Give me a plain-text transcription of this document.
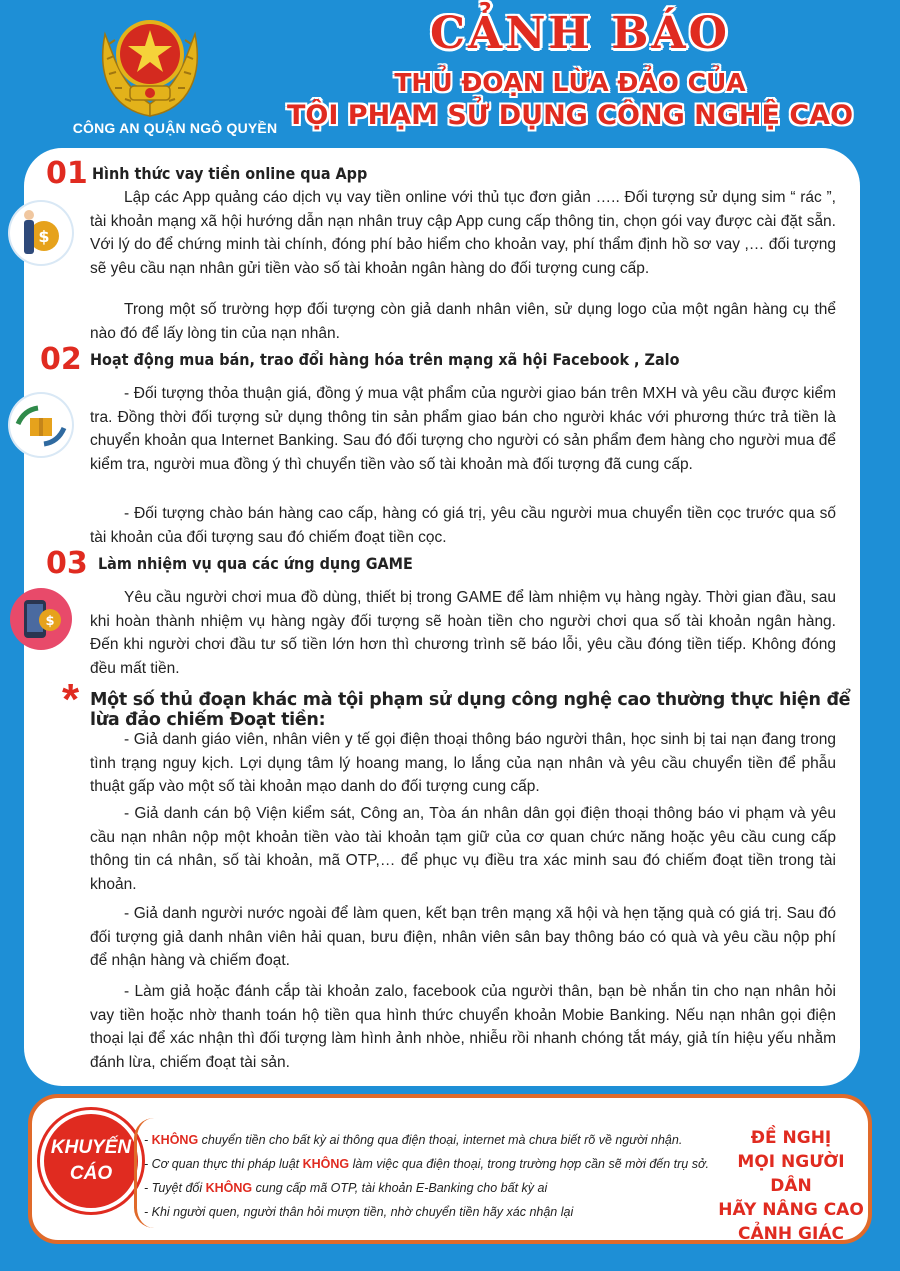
CÔNG AN QUẬN NGÔ QUYỀN
CẢNH BÁO
THỦ ĐOẠN LỪA ĐẢO CỦA
TỘI PHẠM SỬ DỤNG CÔNG NGHỆ CAO
01 Hình thức vay tiền online qua App
$

Lập các App quảng cáo dịch vụ vay tiền online với thủ tục đơn giản ….. Đối tượng sử dụng sim “ rác ”, tài khoản mạng xã hội hướng dẫn nạn nhân truy cập App cung cấp thông tin, chọn gói vay được cài đặt sẵn. Với lý do để chứng minh tài chính, đóng phí bảo hiểm cho khoản vay, phí thẩm định hồ sơ vay ,… đối tượng sẽ yêu cầu nạn nhân gửi tiền vào số tài khoản ngân hàng do đối tượng cung cấp.

Trong một số trường hợp đối tượng còn giả danh nhân viên, sử dụng logo của một ngân hàng cụ thể nào đó để lấy lòng tin của nạn nhân.

02 Hoạt động mua bán, trao đổi hàng hóa trên mạng xã hội Facebook , Zalo

- Đối tượng thỏa thuận giá, đồng ý mua vật phẩm của người giao bán trên MXH và yêu cầu được kiểm tra. Đồng thời đối tượng sử dụng thông tin sản phẩm giao bán cho người khác với phương thức trả tiền là chuyển khoản qua Internet Banking. Sau đó đối tượng cho người có sản phẩm đem hàng cho người mua để kiểm tra, người mua đồng ý thì chuyển tiền vào số tài khoản mà đối tượng đã cung cấp.

- Đối tượng chào bán hàng cao cấp, hàng có giá trị, yêu cầu người mua chuyển tiền cọc trước qua số tài khoản của đối tượng sau đó chiếm đoạt tiền cọc.

03 Làm nhiệm vụ qua các ứng dụng GAME
$

Yêu cầu người chơi mua đồ dùng, thiết bị trong GAME để làm nhiệm vụ hàng ngày. Thời gian đầu, sau khi hoàn thành nhiệm vụ hàng ngày đối tượng sẽ hoàn tiền cho người chơi qua số tài khoản ngân hàng. Đến khi người chơi đầu tư số tiền lớn hơn thì chương trình sẽ báo lỗi, yêu cầu đóng tiền tiếp. Không đóng đều mất tiền.

* Một số thủ đoạn khác mà tội phạm sử dụng công nghệ cao thường thực hiện để lừa đảo chiếm Đoạt tiền:

- Giả danh giáo viên, nhân viên y tế gọi điện thoại thông báo người thân, học sinh bị tai nạn đang trong tình trạng nguy kịch. Lợi dụng tâm lý hoang mang, lo lắng của nạn nhân và yêu cầu chuyển tiền để phẫu thuật gấp vào một số tài khoản mạo danh do đối tượng cung cấp.

- Giả danh cán bộ Viện kiểm sát, Công an, Tòa án nhân dân gọi điện thoại thông báo vi phạm và yêu cầu nạn nhân nộp một khoản tiền vào tài khoản tạm giữ của cơ quan chức năng hoặc yêu cầu cung cấp thông tin cá nhân, số tài khoản, mã OTP,… để phục vụ điều tra xác minh sau đó chiếm đoạt tiền trong tài khoản.

- Giả danh người nước ngoài để làm quen, kết bạn trên mạng xã hội và hẹn tặng quà có giá trị. Sau đó đối tượng giả danh nhân viên hải quan, bưu điện, nhân viên sân bay thông báo có quà và yêu cầu nộp phí để nhận hàng và chiếm đoạt.

- Làm giả hoặc đánh cắp tài khoản zalo, facebook của người thân, bạn bè nhắn tin cho nạn nhân hỏi vay tiền hoặc nhờ thanh toán hộ tiền qua hình thức chuyển khoản Mobie Banking. Nếu nạn nhân gọi điện thoại lại để xác nhận thì đối tượng làm hình ảnh nhòe, nhiễu rồi nhanh chóng tắt máy, giả tín hiệu yếu nhằm đánh lừa, chiếm đoạt tài sản.

KHUYẾN
CÁO
- KHÔNG chuyển tiền cho bất kỳ ai thông qua điện thoại, internet mà chưa biết rõ về người nhận.
- Cơ quan thực thi pháp luật KHÔNG làm việc qua điện thoại, trong trường hợp cần sẽ mời đến trụ sở.
- Tuyệt đối KHÔNG cung cấp mã OTP, tài khoản E-Banking cho bất kỳ ai
- Khi người quen, người thân hỏi mượn tiền, nhờ chuyển tiền hãy xác nhận lại
ĐỀ NGHỊ
MỌI NGƯỜI DÂN
HÃY NÂNG CAO
CẢNH GIÁC
